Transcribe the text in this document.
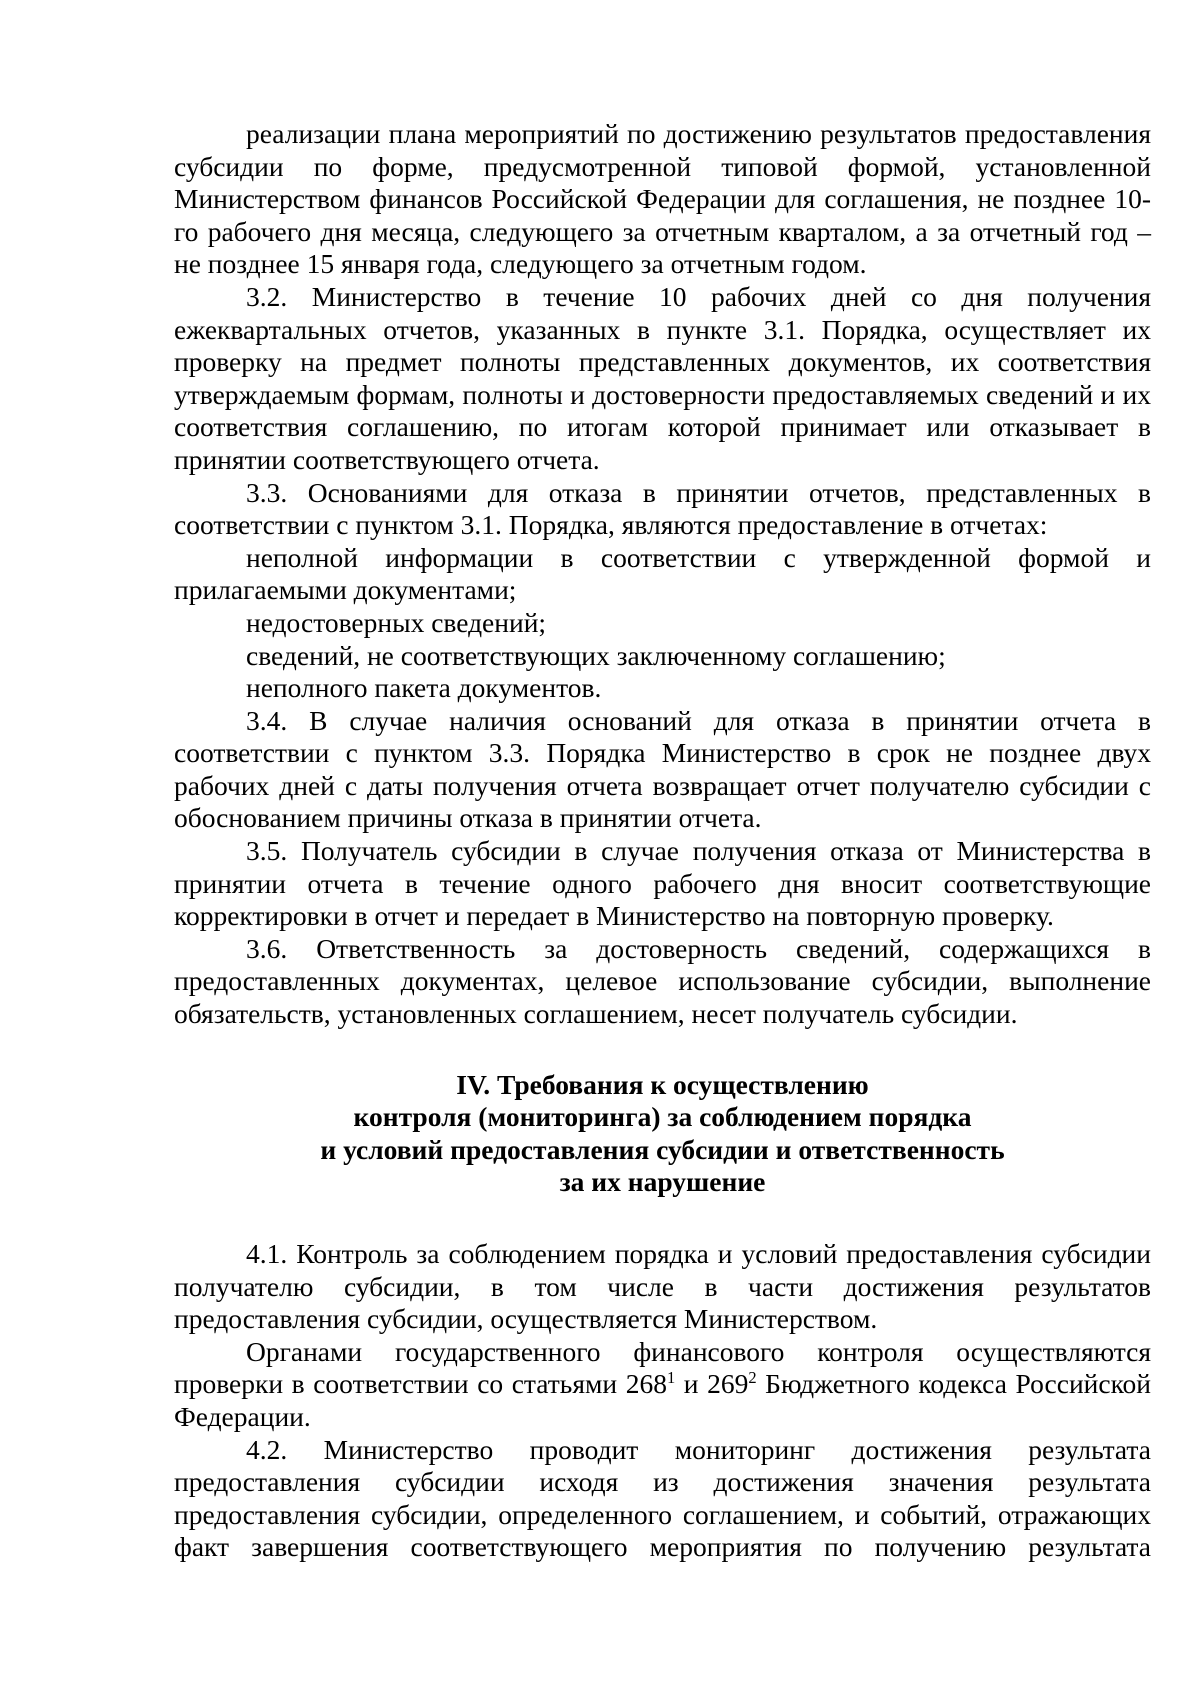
реализации плана мероприятий по достижению результатов предоставления субсидии по форме, предусмотренной типовой формой, установленной Министерством финансов Российской Федерации для соглашения, не позднее 10-го рабочего дня месяца, следующего за отчетным кварталом, а за отчетный год – не позднее 15 января года, следующего за отчетным годом.

3.2. Министерство в течение 10 рабочих дней со дня получения ежеквартальных отчетов, указанных в пункте 3.1. Порядка, осуществляет их проверку на предмет полноты представленных документов, их соответствия утверждаемым формам, полноты и достоверности предоставляемых сведений и их соответствия соглашению, по итогам которой принимает или отказывает в принятии соответствующего отчета.

3.3. Основаниями для отказа в принятии отчетов, представленных в соответствии с пунктом 3.1. Порядка, являются предоставление в отчетах:

неполной информации в соответствии с утвержденной формой и прилагаемыми документами;

недостоверных сведений;

сведений, не соответствующих заключенному соглашению;

неполного пакета документов.

3.4. В случае наличия оснований для отказа в принятии отчета в соответствии с пунктом 3.3. Порядка Министерство в срок не позднее двух рабочих дней с даты получения отчета возвращает отчет получателю субсидии с обоснованием причины отказа в принятии отчета.

3.5. Получатель субсидии в случае получения отказа от Министерства в принятии отчета в течение одного рабочего дня вносит соответствующие корректировки в отчет и передает в Министерство на повторную проверку.

3.6. Ответственность за достоверность сведений, содержащихся в предоставленных документах, целевое использование субсидии, выполнение обязательств, установленных соглашением, несет получатель субсидии.

IV. Требования к осуществлению
контроля (мониторинга) за соблюдением порядка
и условий предоставления субсидии и ответственность
за их нарушение

4.1. Контроль за соблюдением порядка и условий предоставления субсидии получателю субсидии, в том числе в части достижения результатов предоставления субсидии, осуществляется Министерством.

Органами государственного финансового контроля осуществляются проверки в соответствии со статьями $268^1$ и $269^2$ Бюджетного кодекса Российской Федерации.

4.2. Министерство проводит мониторинг достижения результата предоставления субсидии исходя из достижения значения результата предоставления субсидии, определенного соглашением, и событий, отражающих факт завершения соответствующего мероприятия по получению результата
